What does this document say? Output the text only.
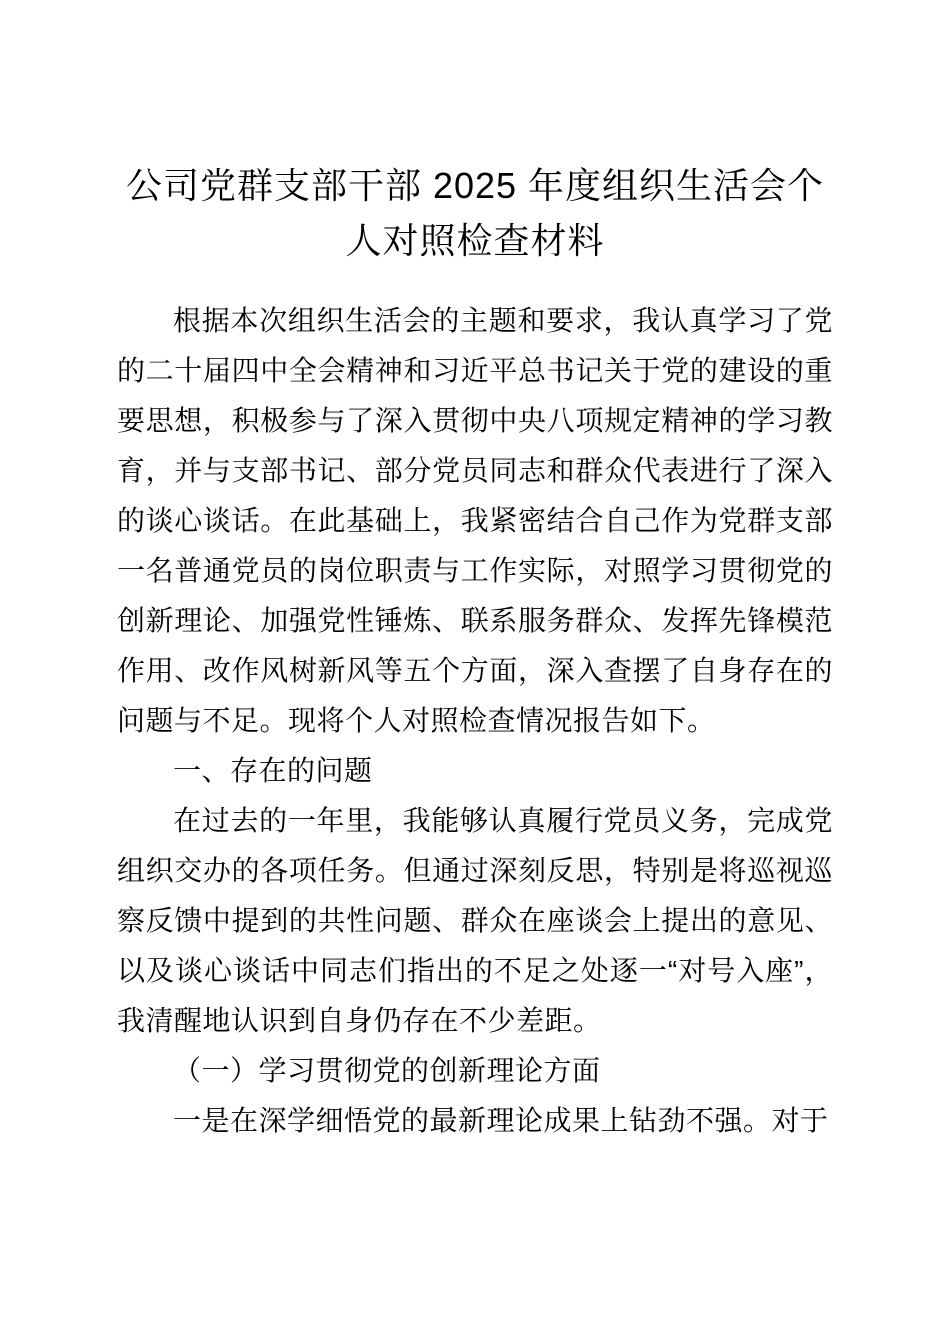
公司党群支部干部 2025 年度组织生活会个人对照检查材料

根据本次组织生活会的主题和要求，我认真学习了党的二十届四中全会精神和习近平总书记关于党的建设的重要思想，积极参与了深入贯彻中央八项规定精神的学习教育，并与支部书记、部分党员同志和群众代表进行了深入的谈心谈话。在此基础上，我紧密结合自己作为党群支部一名普通党员的岗位职责与工作实际，对照学习贯彻党的创新理论、加强党性锤炼、联系服务群众、发挥先锋模范作用、改作风树新风等五个方面，深入查摆了自身存在的问题与不足。现将个人对照检查情况报告如下。

一、存在的问题

在过去的一年里，我能够认真履行党员义务，完成党组织交办的各项任务。但通过深刻反思，特别是将巡视巡察反馈中提到的共性问题、群众在座谈会上提出的意见、以及谈心谈话中同志们指出的不足之处逐一“对号入座”，我清醒地认识到自身仍存在不少差距。

（一）学习贯彻党的创新理论方面

一是在深学细悟党的最新理论成果上钻劲不强。对于
